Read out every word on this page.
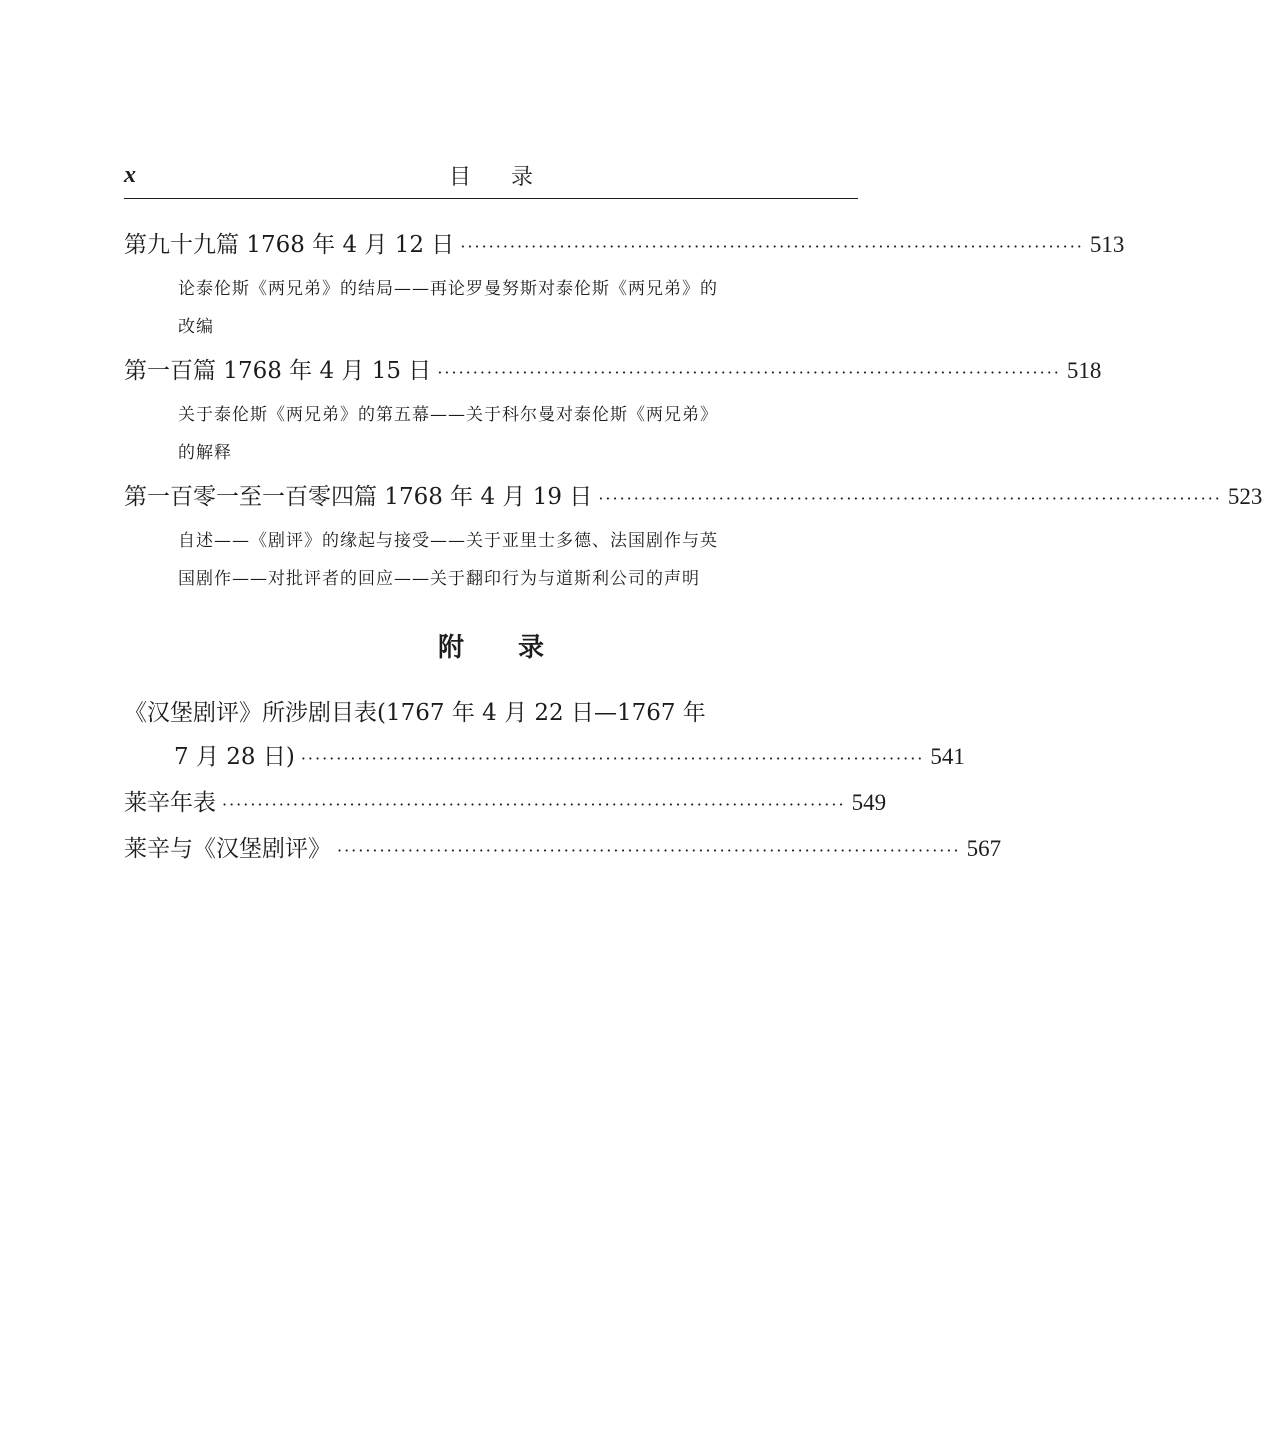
x	目录
第九十九篇 1768 年 4 月 12 日 ························································································ 513
论泰伦斯《两兄弟》的结局——再论罗曼努斯对泰伦斯《两兄弟》的
改编
第一百篇 1768 年 4 月 15 日 ························································································ 518
关于泰伦斯《两兄弟》的第五幕——关于科尔曼对泰伦斯《两兄弟》
的解释
第一百零一至一百零四篇 1768 年 4 月 19 日 ························································································ 523
自述——《剧评》的缘起与接受——关于亚里士多德、法国剧作与英
国剧作——对批评者的回应——关于翻印行为与道斯利公司的声明
附录
《汉堡剧评》所涉剧目表(1767 年 4 月 22 日—1767 年
7 月 28 日) ························································································ 541
莱辛年表 ························································································ 549
莱辛与《汉堡剧评》 ························································································ 567
